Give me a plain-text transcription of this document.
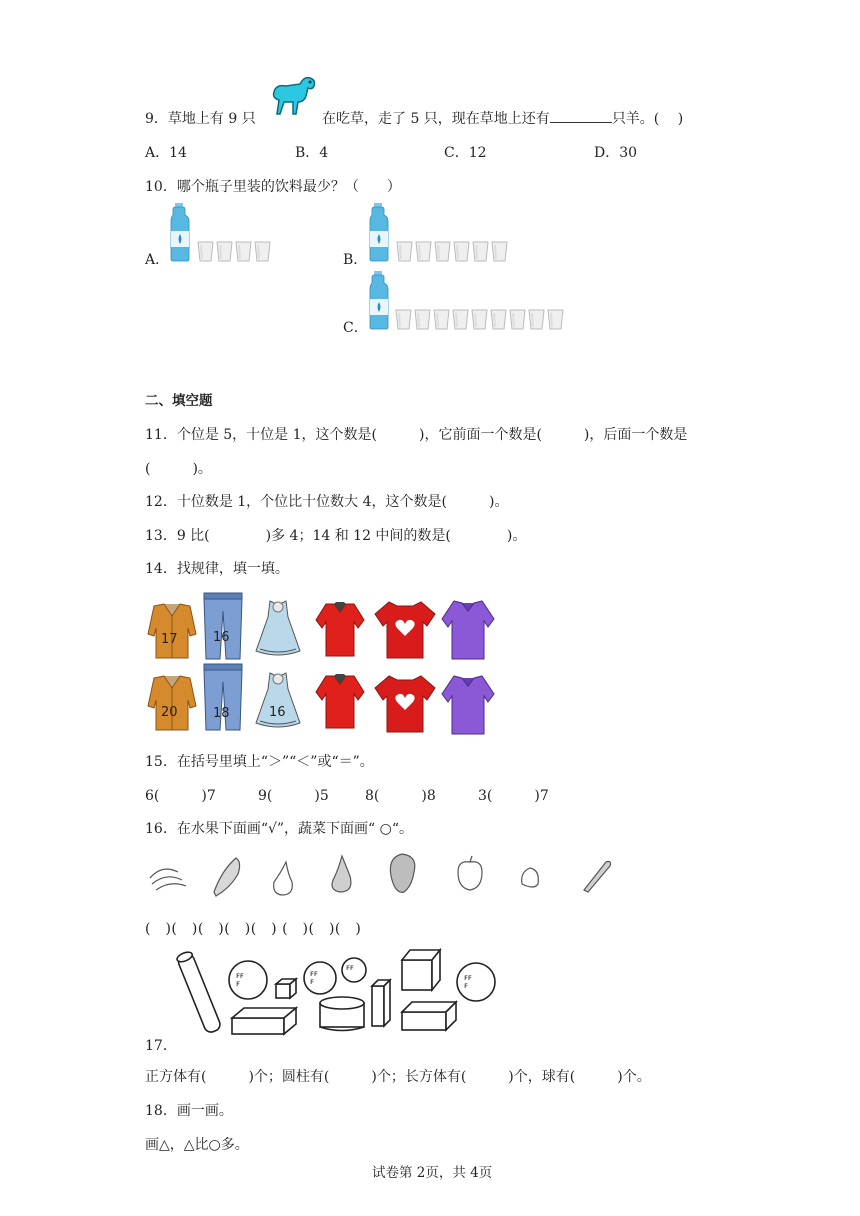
9．草地上有 9 只	在吃草，走了 5 只，现在草地上还有	只羊。(　 )
A．14	B．4	C．12	D．30
10．哪个瓶子里装的饮料最少？（　　）
A．	B．
C．
二、填空题
11．个位是 5，十位是 1，这个数是(　　　)，它前面一个数是(　　　)，后面一个数是
(　　　)。
12．十位数是 1，个位比十位数大 4，这个数是(　　　)。
13．9 比(　　　　)多 4；14 和 12 中间的数是(　　　　)。
14．找规律，填一填。
17	16
20	18	16
15．在括号里填上“＞”“＜”或“＝”。
6(　　　)7	9(　　　)5	8(　　　)8	3(　　　)7
16．在水果下面画“√”，蔬菜下面画“ ○“。
(　)(　)(　)(　)(　) (　)(　)(　)
ꜰꜰ
ꜰ
ꜰꜰ
ꜰ
ꜰꜰ
ꜰꜰ
ꜰ
17．
正方体有(　　　)个；圆柱有(　　　)个；长方体有(　　　)个，球有(　　　)个。
18．画一画。
画△，△比○多。
试卷第 2页，共 4页
